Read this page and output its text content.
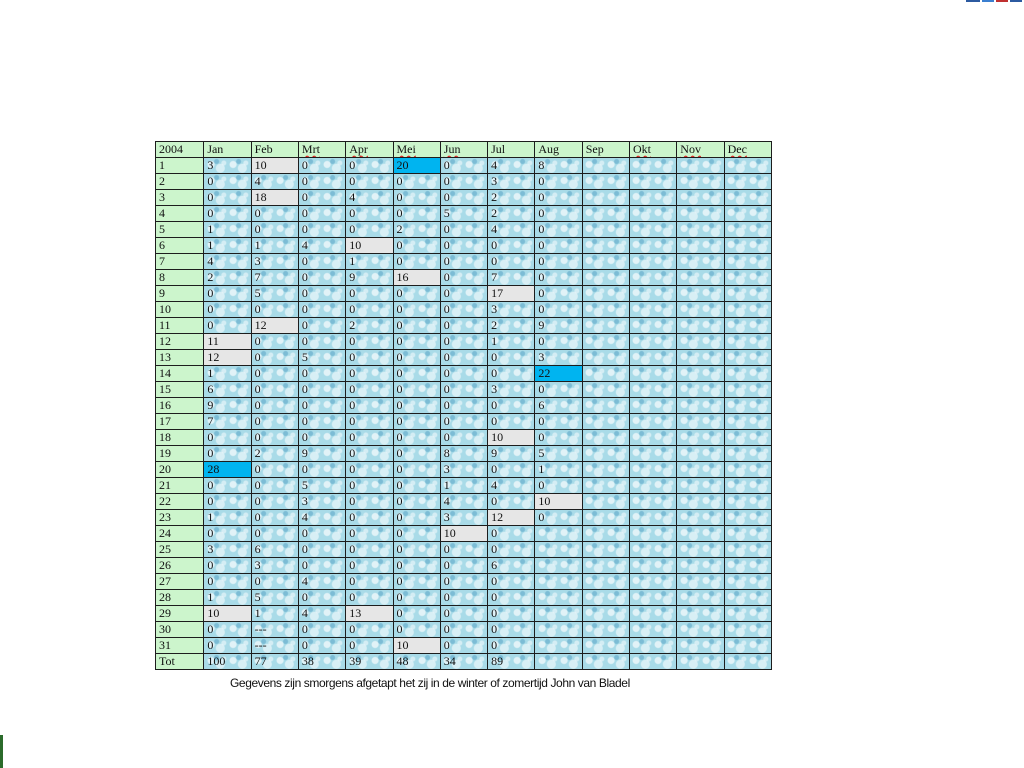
2004	Jan	Feb	Mrt	Apr	Mei	Jun	Jul	Aug	Sep	Okt	Nov	Dec
1	3	10	0	0	20	0	4	8				
2	0	4	0	0	0	0	3	0				
3	0	18	0	4	0	0	2	0				
4	0	0	0	0	0	5	2	0				
5	1	0	0	0	2	0	4	0				
6	1	1	4	10	0	0	0	0				
7	4	3	0	1	0	0	0	0				
8	2	7	0	9	16	0	7	0				
9	0	5	0	0	0	0	17	0				
10	0	0	0	0	0	0	3	0				
11	0	12	0	2	0	0	2	9				
12	11	0	0	0	0	0	1	0				
13	12	0	5	0	0	0	0	3				
14	1	0	0	0	0	0	0	22				
15	6	0	0	0	0	0	3	0				
16	9	0	0	0	0	0	0	6				
17	7	0	0	0	0	0	0	0				
18	0	0	0	0	0	0	10	0				
19	0	2	9	0	0	8	9	5				
20	28	0	0	0	0	3	0	1				
21	0	0	5	0	0	1	4	0				
22	0	0	3	0	0	4	0	10				
23	1	0	4	0	0	3	12	0				
24	0	0	0	0	0	10	0					
25	3	6	0	0	0	0	0					
26	0	3	0	0	0	0	6					
27	0	0	4	0	0	0	0					
28	1	5	0	0	0	0	0					
29	10	1	4	13	0	0	0					
30	0	---	0	0	0	0	0					
31	0	---	0	0	10	0	0					
Tot	100	77	38	39	48	34	89					
Gegevens zijn smorgens afgetapt het zij in de winter of zomertijd John van Bladel
